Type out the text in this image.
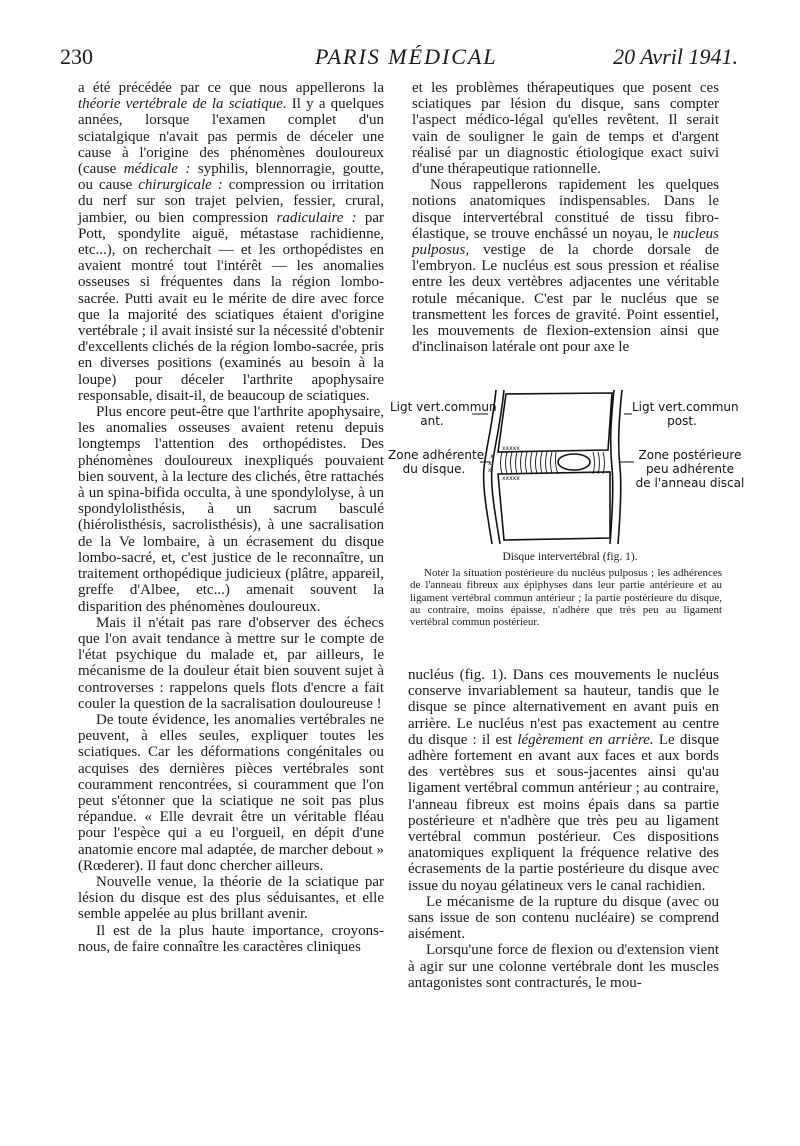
230	PARIS MÉDICAL	20 Avril 1941.

a été précédée par ce que nous appellerons la théorie vertébrale de la sciatique. Il y a quelques années, lorsque l'examen complet d'un sciatalgique n'avait pas permis de déceler une cause à l'origine des phénomènes douloureux (cause médicale : syphilis, blennorragie, goutte, ou cause chirurgicale : compression ou irritation du nerf sur son trajet pelvien, fessier, crural, jambier, ou bien compression radiculaire : par Pott, spondylite aiguë, métastase rachidienne, etc...), on recherchait — et les orthopédistes en avaient montré tout l'intérêt — les anomalies osseuses si fréquentes dans la région lombo-sacrée. Putti avait eu le mérite de dire avec force que la majorité des sciatiques étaient d'origine vertébrale ; il avait insisté sur la nécessité d'obtenir d'excellents clichés de la région lombo-sacrée, pris en diverses positions (examinés au besoin à la loupe) pour déceler l'arthrite apophysaire responsable, disait-il, de beaucoup de sciatiques.

Plus encore peut-être que l'arthrite apophysaire, les anomalies osseuses avaient retenu depuis longtemps l'attention des orthopédistes. Des phénomènes douloureux inexpliqués pouvaient bien souvent, à la lecture des clichés, être rattachés à un spina-bifida occulta, à une spondylolyse, à un spondylolisthésis, à un sacrum basculé (hiérolisthésis, sacrolisthésis), à une sacralisation de la Ve lombaire, à un écrasement du disque lombo-sacré, et, c'est justice de le reconnaître, un traitement orthopédique judicieux (plâtre, appareil, greffe d'Albee, etc...) amenait souvent la disparition des phénomènes douloureux.

Mais il n'était pas rare d'observer des échecs que l'on avait tendance à mettre sur le compte de l'état psychique du malade et, par ailleurs, le mécanisme de la douleur était bien souvent sujet à controverses : rappelons quels flots d'encre a fait couler la question de la sacralisation douloureuse !

De toute évidence, les anomalies vertébrales ne peuvent, à elles seules, expliquer toutes les sciatiques. Car les déformations congénitales ou acquises des dernières pièces vertébrales sont couramment rencontrées, si couramment que l'on peut s'étonner que la sciatique ne soit pas plus répandue. « Elle devrait être un véritable fléau pour l'espèce qui a eu l'orgueil, en dépit d'une anatomie encore mal adaptée, de marcher debout » (Rœderer). Il faut donc chercher ailleurs.

Nouvelle venue, la théorie de la sciatique par lésion du disque est des plus séduisantes, et elle semble appelée au plus brillant avenir.

Il est de la plus haute importance, croyons-nous, de faire connaître les caractères cliniques

et les problèmes thérapeutiques que posent ces sciatiques par lésion du disque, sans compter l'aspect médico-légal qu'elles revêtent. Il serait vain de souligner le gain de temps et d'argent réalisé par un diagnostic étiologique exact suivi d'une thérapeutique rationnelle.

Nous rappellerons rapidement les quelques notions anatomiques indispensables. Dans le disque intervertébral constitué de tissu fibro-élastique, se trouve enchâssé un noyau, le nucleus pulposus, vestige de la chorde dorsale de l'embryon. Le nucléus est sous pression et réalise entre les deux vertèbres adjacentes une véritable rotule mécanique. C'est par le nucléus que se transmettent les forces de gravité. Point essentiel, les mouvements de flexion-extension ainsi que d'inclinaison latérale ont pour axe le

xxxxx
xxxxx
x
x
x
Ligt vert.commun
ant.
Ligt vert.commun
post.
Zone adhérente
du disque.
Zone postérieure
peu adhérente
de l'anneau discal
Disque intervertébral (fig. 1).

Noter la situation postérieure du nucléus pulposus ; les adhérences de l'anneau fibreux aux épiphyses dans leur partie antérieure et au ligament vertébral commun antérieur ; la partie postérieure du disque, au contraire, moins épaisse, n'adhère que très peu au ligament vertébral commun postérieur.

nucléus (fig. 1). Dans ces mouvements le nucléus conserve invariablement sa hauteur, tandis que le disque se pince alternativement en avant puis en arrière. Le nucléus n'est pas exactement au centre du disque : il est légèrement en arrière. Le disque adhère fortement en avant aux faces et aux bords des vertèbres sus et sous-jacentes ainsi qu'au ligament vertébral commun antérieur ; au contraire, l'anneau fibreux est moins épais dans sa partie postérieure et n'adhère que très peu au ligament vertébral commun postérieur. Ces dispositions anatomiques expliquent la fréquence relative des écrasements de la partie postérieure du disque avec issue du noyau gélatineux vers le canal rachidien.

Le mécanisme de la rupture du disque (avec ou sans issue de son contenu nucléaire) se comprend aisément.

Lorsqu'une force de flexion ou d'extension vient à agir sur une colonne vertébrale dont les muscles antagonistes sont contracturés, le mou-
